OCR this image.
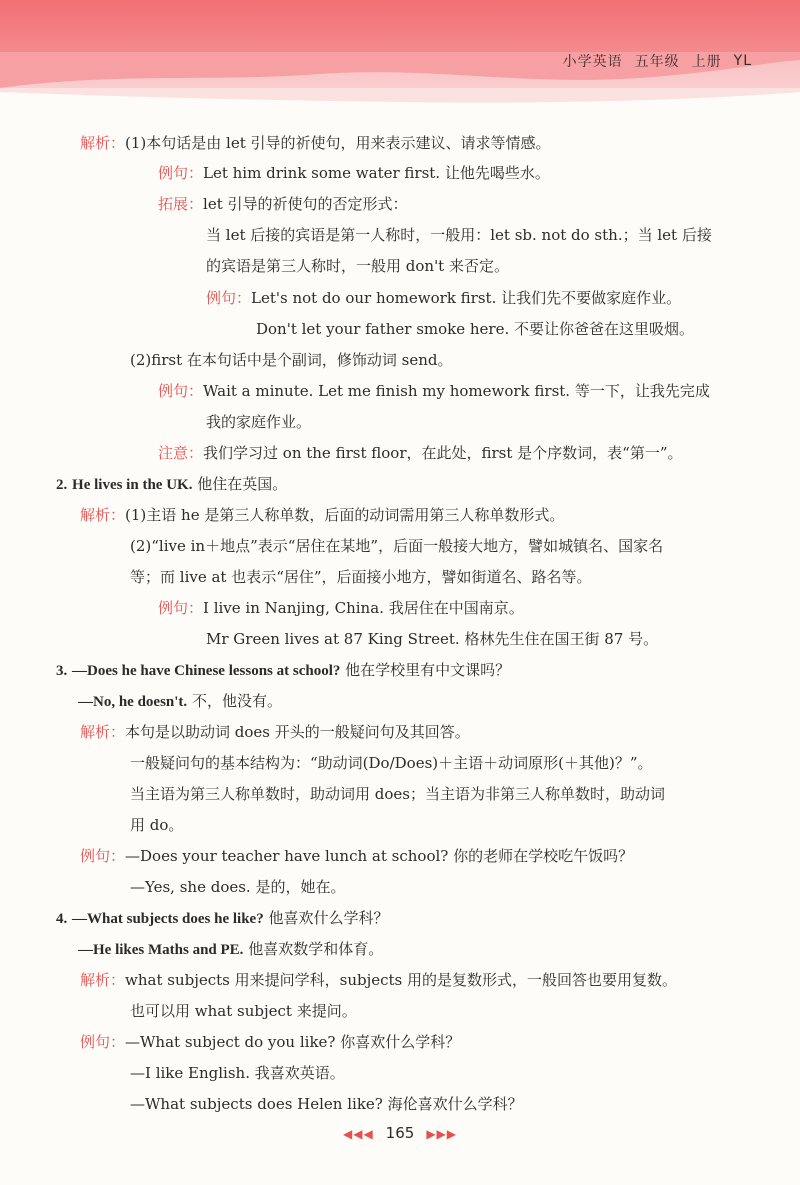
小学英语 五年级 上册 YL
解析：(1)本句话是由 let 引导的祈使句，用来表示建议、请求等情感。
例句：Let him drink some water first. 让他先喝些水。
拓展：let 引导的祈使句的否定形式：
当 let 后接的宾语是第一人称时，一般用：let sb. not do sth.；当 let 后接
的宾语是第三人称时，一般用 don't 来否定。
例句：Let's not do our homework first. 让我们先不要做家庭作业。
Don't let your father smoke here. 不要让你爸爸在这里吸烟。
(2)first 在本句话中是个副词，修饰动词 send。
例句：Wait a minute. Let me finish my homework first. 等一下，让我先完成
我的家庭作业。
注意：我们学习过 on the first floor，在此处，first 是个序数词，表“第一”。
2. He lives in the UK. 他住在英国。
解析：(1)主语 he 是第三人称单数，后面的动词需用第三人称单数形式。
(2)“live in＋地点”表示“居住在某地”，后面一般接大地方，譬如城镇名、国家名
等；而 live at 也表示“居住”，后面接小地方，譬如街道名、路名等。
例句：I live in Nanjing, China. 我居住在中国南京。
Mr Green lives at 87 King Street. 格林先生住在国王街 87 号。
3. —Does he have Chinese lessons at school? 他在学校里有中文课吗？
—No, he doesn't. 不，他没有。
解析：本句是以助动词 does 开头的一般疑问句及其回答。
一般疑问句的基本结构为：“助动词(Do/Does)＋主语＋动词原形(＋其他)？”。
当主语为第三人称单数时，助动词用 does；当主语为非第三人称单数时，助动词
用 do。
例句：—Does your teacher have lunch at school? 你的老师在学校吃午饭吗？
—Yes, she does. 是的，她在。
4. —What subjects does he like? 他喜欢什么学科？
—He likes Maths and PE. 他喜欢数学和体育。
解析：what subjects 用来提问学科，subjects 用的是复数形式，一般回答也要用复数。
也可以用 what subject 来提问。
例句：—What subject do you like? 你喜欢什么学科？
—I like English. 我喜欢英语。
—What subjects does Helen like? 海伦喜欢什么学科？
◀◀◀ 165 ▶▶▶
